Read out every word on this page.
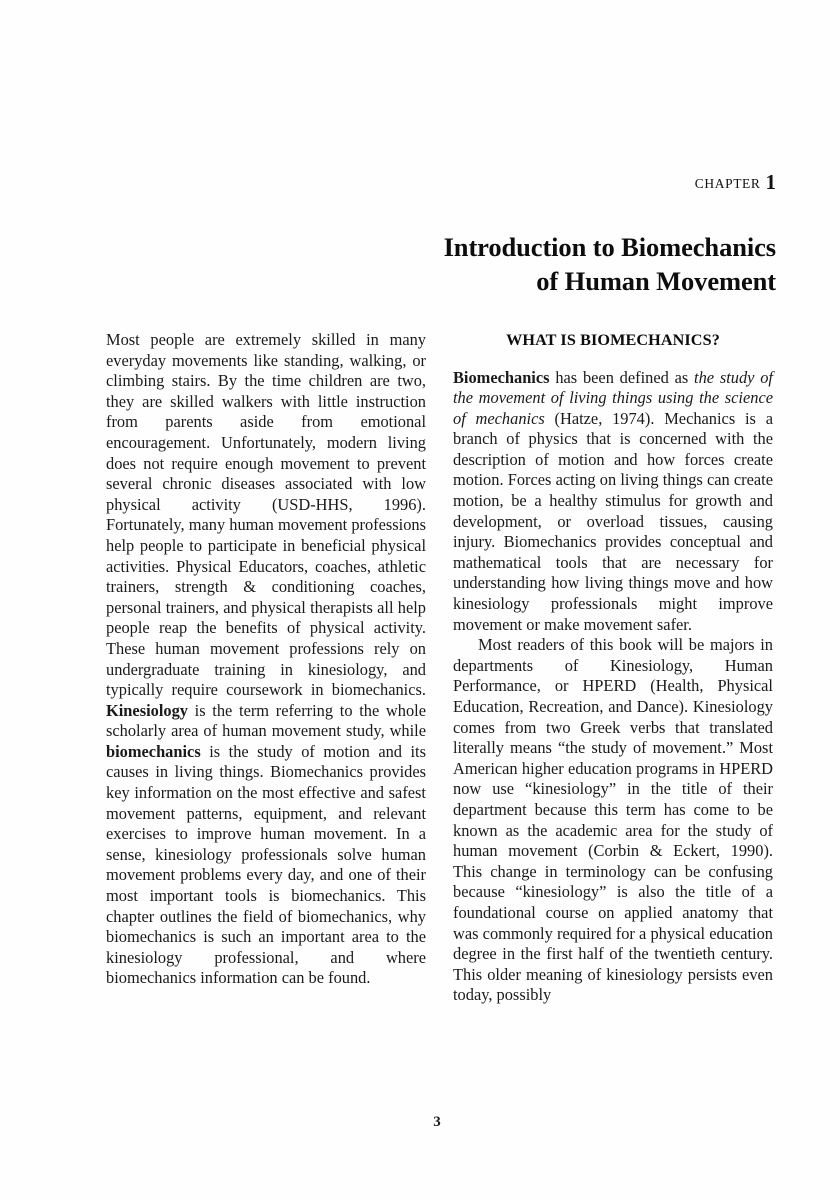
CHAPTER 1
Introduction to Biomechanics
of Human Movement

Most people are extremely skilled in many everyday movements like standing, walking, or climbing stairs. By the time children are two, they are skilled walkers with little instruction from parents aside from emotional encouragement. Unfortunately, modern living does not require enough movement to prevent several chronic diseases associated with low physical activity (USD-HHS, 1996). Fortunately, many human movement professions help people to participate in beneficial physical activities. Physical Educators, coaches, athletic trainers, strength & conditioning coaches, personal trainers, and physical therapists all help people reap the benefits of physical activity. These human movement professions rely on undergraduate training in kinesiology, and typically require coursework in biomechanics. Kinesiology is the term referring to the whole scholarly area of human movement study, while biomechanics is the study of motion and its causes in living things. Biomechanics provides key information on the most effective and safest movement patterns, equipment, and relevant exercises to improve human movement. In a sense, kinesiology professionals solve human movement problems every day, and one of their most important tools is biomechanics. This chapter outlines the field of biomechanics, why biomechanics is such an important area to the kinesiology professional, and where biomechanics information can be found.

WHAT IS BIOMECHANICS?

Biomechanics has been defined as the study of the movement of living things using the science of mechanics (Hatze, 1974). Mechanics is a branch of physics that is concerned with the description of motion and how forces create motion. Forces acting on living things can create motion, be a healthy stimulus for growth and development, or overload tissues, causing injury. Biomechanics provides conceptual and mathematical tools that are necessary for understanding how living things move and how kinesiology professionals might improve movement or make movement safer.

Most readers of this book will be majors in departments of Kinesiology, Human Performance, or HPERD (Health, Physical Education, Recreation, and Dance). Kinesiology comes from two Greek verbs that translated literally means “the study of movement.” Most American higher education programs in HPERD now use “kinesiology” in the title of their department because this term has come to be known as the academic area for the study of human movement (Corbin & Eckert, 1990). This change in terminology can be confusing because “kinesiology” is also the title of a foundational course on applied anatomy that was commonly required for a physical education degree in the first half of the twentieth century. This older meaning of kinesiology persists even today, possibly

3
